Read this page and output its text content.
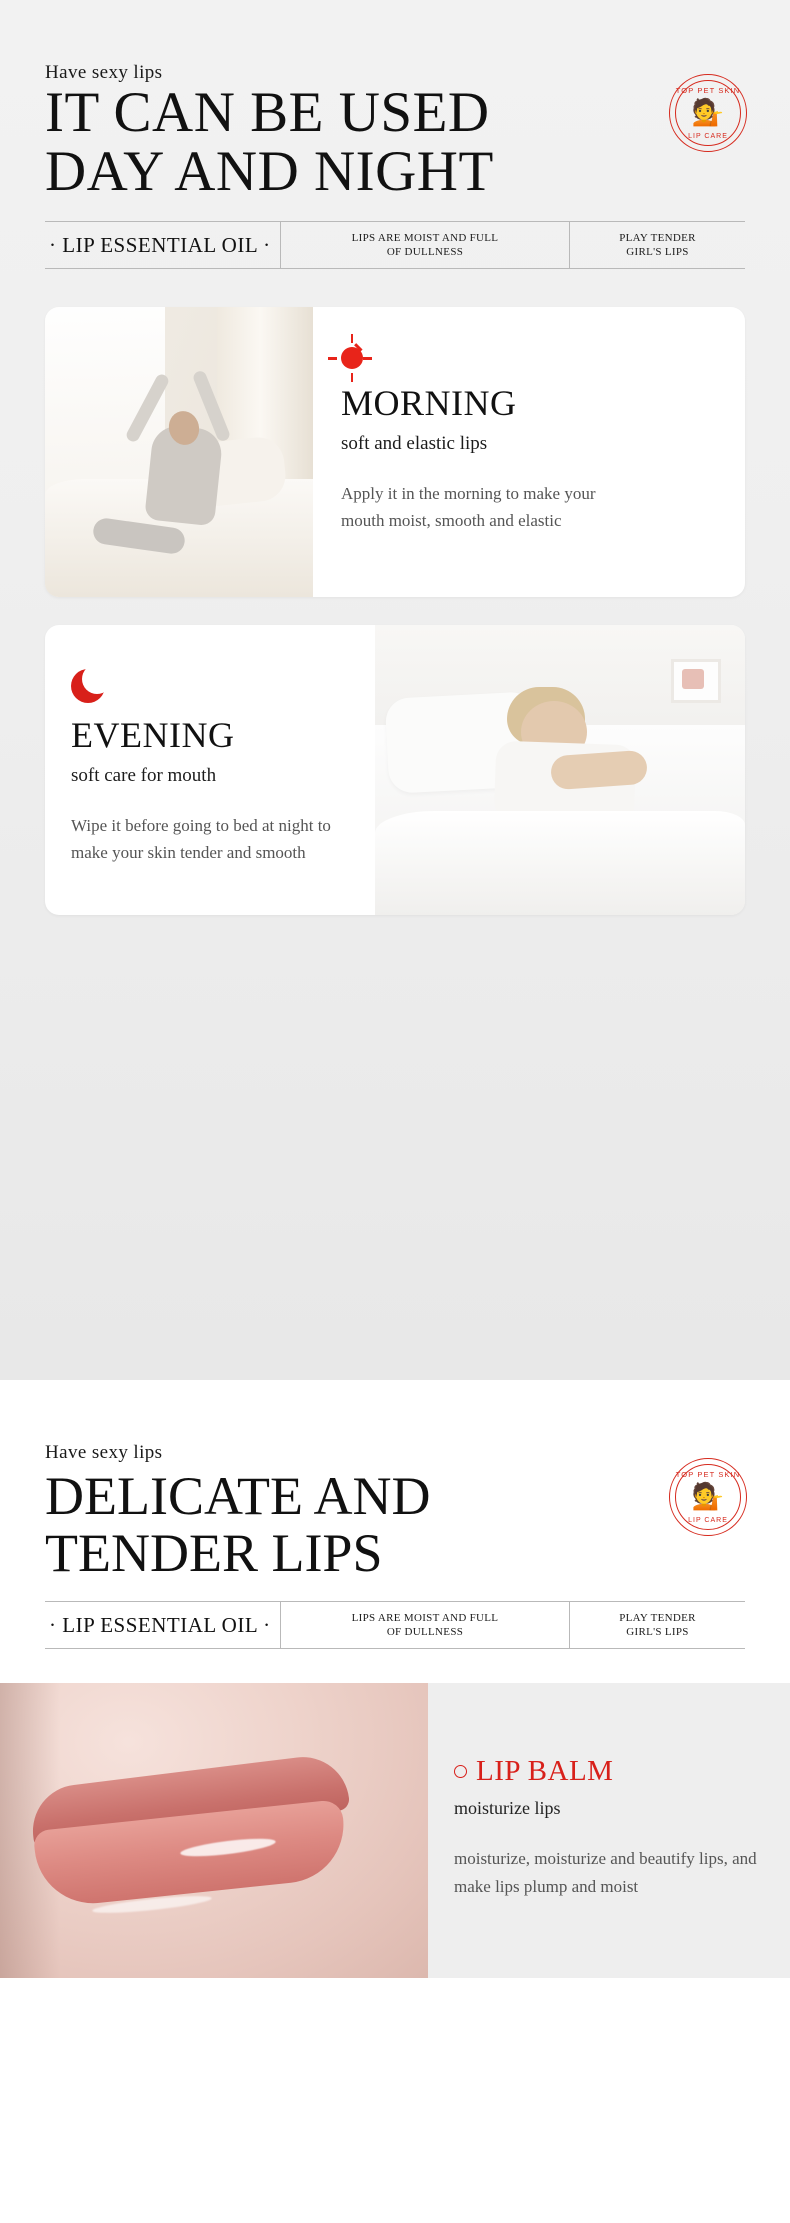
Have sexy lips
IT CAN BE USED
DAY AND NIGHT
TOP PET SKIN
💁
LIP CARE
· LIP ESSENTIAL OIL ·	LIPS ARE MOIST AND FULL
OF DULLNESS
PLAY TENDER
GIRL'S LIPS
MORNING

soft and elastic lips

Apply it in the morning to make your mouth moist, smooth and elastic

EVENING

soft care for mouth

Wipe it before going to bed at night to make your skin tender and smooth

Have sexy lips
DELICATE AND
TENDER LIPS
TOP PET SKIN
💁
LIP CARE
· LIP ESSENTIAL OIL ·	LIPS ARE MOIST AND FULL
OF DULLNESS
PLAY TENDER
GIRL'S LIPS
LIP BALM

moisturize lips

moisturize, moisturize and beautify lips, and make lips plump and moist
